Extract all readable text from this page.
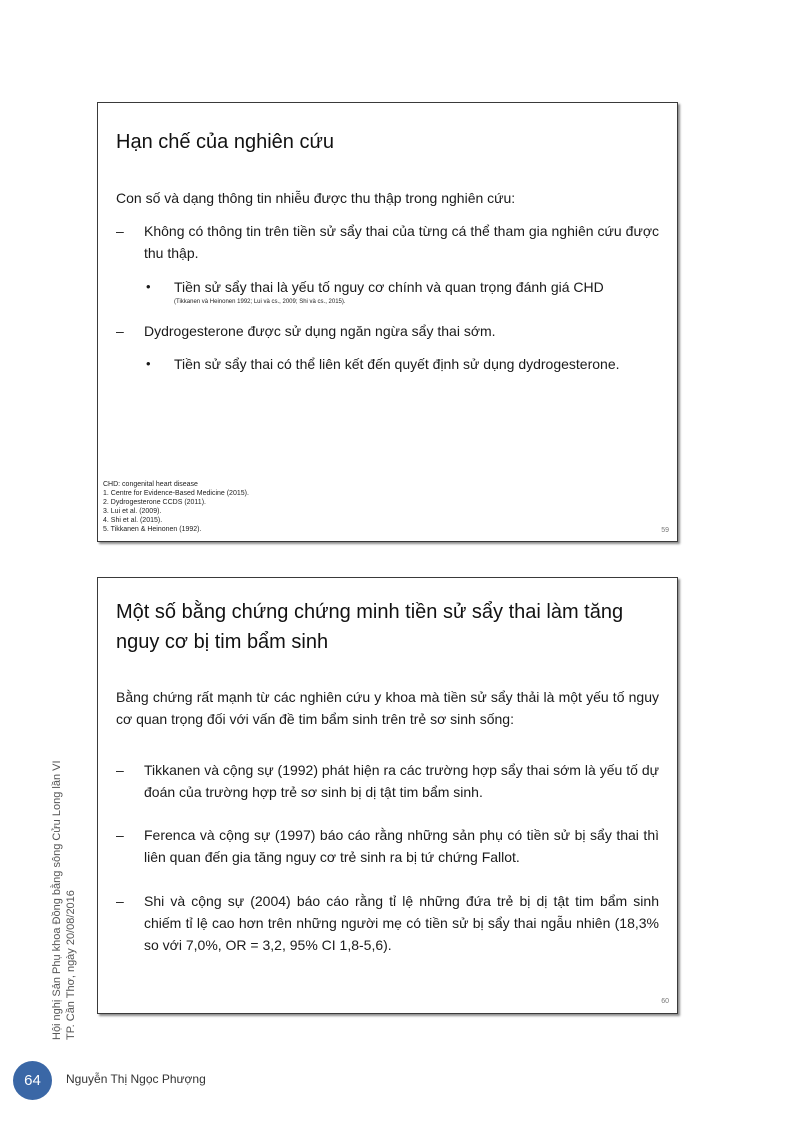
Hạn chế của nghiên cứu
Con số và dạng thông tin nhiễu được thu thập trong nghiên cứu:
– Không có thông tin trên tiền sử sẩy thai của từng cá thể tham gia nghiên cứu được thu thập.
• Tiền sử sẩy thai là yếu tố nguy cơ chính và quan trọng đánh giá CHD
(Tikkanen và Heinonen 1992; Lui và cs., 2009; Shi và cs., 2015).
– Dydrogesterone được sử dụng ngăn ngừa sẩy thai sớm.
• Tiền sử sẩy thai có thể liên kết đến quyết định sử dụng dydrogesterone.
CHD: congenital heart disease
1. Centre for Evidence-Based Medicine (2015).
2. Dydrogesterone CCDS (2011).
3. Lui et al. (2009).
4. Shi et al. (2015).
5. Tikkanen & Heinonen (1992).	59
Một số bằng chứng chứng minh tiền sử sẩy thai làm tăng nguy cơ bị tim bẩm sinh
Bằng chứng rất mạnh từ các nghiên cứu y khoa mà tiền sử sẩy thải là một yếu tố nguy cơ quan trọng đối với vấn đề tim bẩm sinh trên trẻ sơ sinh sống:
– Tikkanen và cộng sự (1992) phát hiện ra các trường hợp sẩy thai sớm là yếu tố dự đoán của trường hợp trẻ sơ sinh bị dị tật tim bẩm sinh.
– Ferenca và cộng sự (1997) báo cáo rằng những sản phụ có tiền sử bị sẩy thai thì liên quan đến gia tăng nguy cơ trẻ sinh ra bị tứ chứng Fallot.
– Shi và cộng sự (2004) báo cáo rằng tỉ lệ những đứa trẻ bị dị tật tim bẩm sinh chiếm tỉ lệ cao hơn trên những người mẹ có tiền sử bị sẩy thai ngẫu nhiên (18,3% so với 7,0%, OR = 3,2, 95% CI 1,8-5,6).
60
Hội nghị Sản Phụ khoa Đồng bằng sông Cửu Long lần VI TP. Cần Thơ, ngày 20/08/2016
64	Nguyễn Thị Ngọc Phượng
